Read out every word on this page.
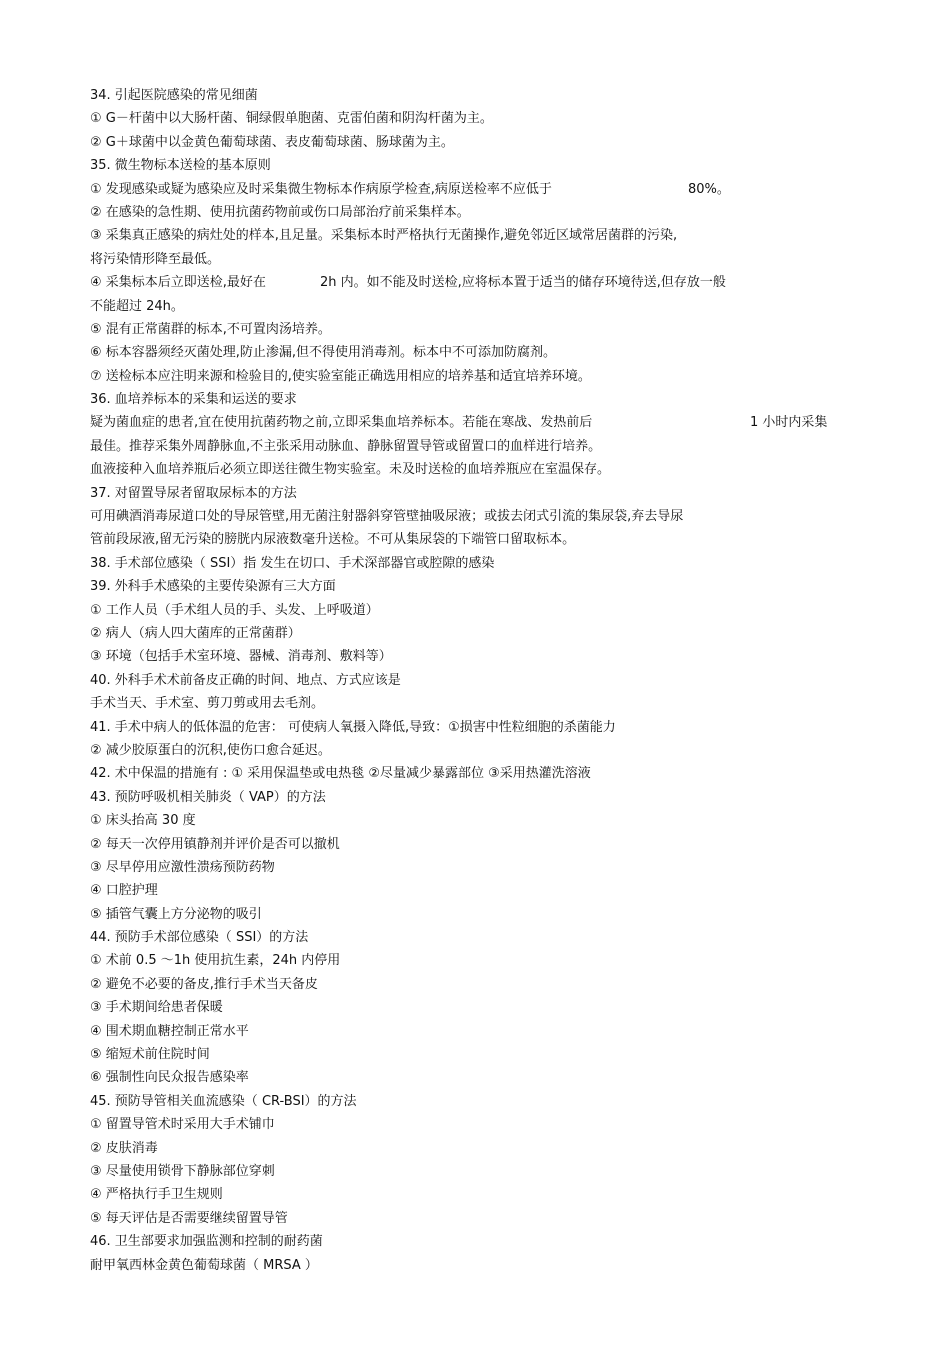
34. 引起医院感染的常见细菌
① G－杆菌中以大肠杆菌、铜绿假单胞菌、克雷伯菌和阴沟杆菌为主。
② G＋球菌中以金黄色葡萄球菌、表皮葡萄球菌、肠球菌为主。
35. 微生物标本送检的基本原则
① 发现感染或疑为感染应及时采集微生物标本作病原学检查,病原送检率不应低于	80%。
② 在感染的急性期、使用抗菌药物前或伤口局部治疗前采集样本。
③ 采集真正感染的病灶处的样本,且足量。采集标本时严格执行无菌操作,避免邻近区域常居菌群的污染,
将污染情形降至最低。
④ 采集标本后立即送检,最好在	2h 内。如不能及时送检,应将标本置于适当的储存环境待送,但存放一般
不能超过 24h。
⑤ 混有正常菌群的标本,不可置肉汤培养。
⑥ 标本容器须经灭菌处理,防止渗漏,但不得使用消毒剂。标本中不可添加防腐剂。
⑦ 送检标本应注明来源和检验目的,使实验室能正确选用相应的培养基和适宜培养环境。
36. 血培养标本的采集和运送的要求
疑为菌血症的患者,宜在使用抗菌药物之前,立即采集血培养标本。若能在寒战、发热前后	1 小时内采集
最佳。推荐采集外周静脉血,不主张采用动脉血、静脉留置导管或留置口的血样进行培养。
血液接种入血培养瓶后必须立即送往微生物实验室。未及时送检的血培养瓶应在室温保存。
37. 对留置导尿者留取尿标本的方法
可用碘酒消毒尿道口处的导尿管壁,用无菌注射器斜穿管壁抽吸尿液；或拔去闭式引流的集尿袋,弃去导尿
管前段尿液,留无污染的膀胱内尿液数毫升送检。不可从集尿袋的下端管口留取标本。
38. 手术部位感染（ SSI）指 发生在切口、手术深部器官或腔隙的感染
39. 外科手术感染的主要传染源有三大方面
① 工作人员（手术组人员的手、头发、上呼吸道）
② 病人（病人四大菌库的正常菌群）
③ 环境（包括手术室环境、器械、消毒剂、敷料等）
40. 外科手术术前备皮正确的时间、地点、方式应该是
手术当天、手术室、剪刀剪或用去毛剂。
41. 手术中病人的低体温的危害： 可使病人氧摄入降低,导致：①损害中性粒细胞的杀菌能力
② 减少胶原蛋白的沉积,使伤口愈合延迟。
42. 术中保温的措施有 : ① 采用保温垫或电热毯 ②尽量减少暴露部位 ③采用热灌洗溶液
43. 预防呼吸机相关肺炎（ VAP）的方法
① 床头抬高 30 度
② 每天一次停用镇静剂并评价是否可以撤机
③ 尽早停用应激性溃疡预防药物
④ 口腔护理
⑤ 插管气囊上方分泌物的吸引
44. 预防手术部位感染（ SSI）的方法
① 术前 0.5 ～1h 使用抗生素，24h 内停用
② 避免不必要的备皮,推行手术当天备皮
③ 手术期间给患者保暖
④ 围术期血糖控制正常水平
⑤ 缩短术前住院时间
⑥ 强制性向民众报告感染率
45. 预防导管相关血流感染（ CR-BSI）的方法
① 留置导管术时采用大手术铺巾
② 皮肤消毒
③ 尽量使用锁骨下静脉部位穿刺
④ 严格执行手卫生规则
⑤ 每天评估是否需要继续留置导管
46. 卫生部要求加强监测和控制的耐药菌
耐甲氧西林金黄色葡萄球菌（ MRSA ）
